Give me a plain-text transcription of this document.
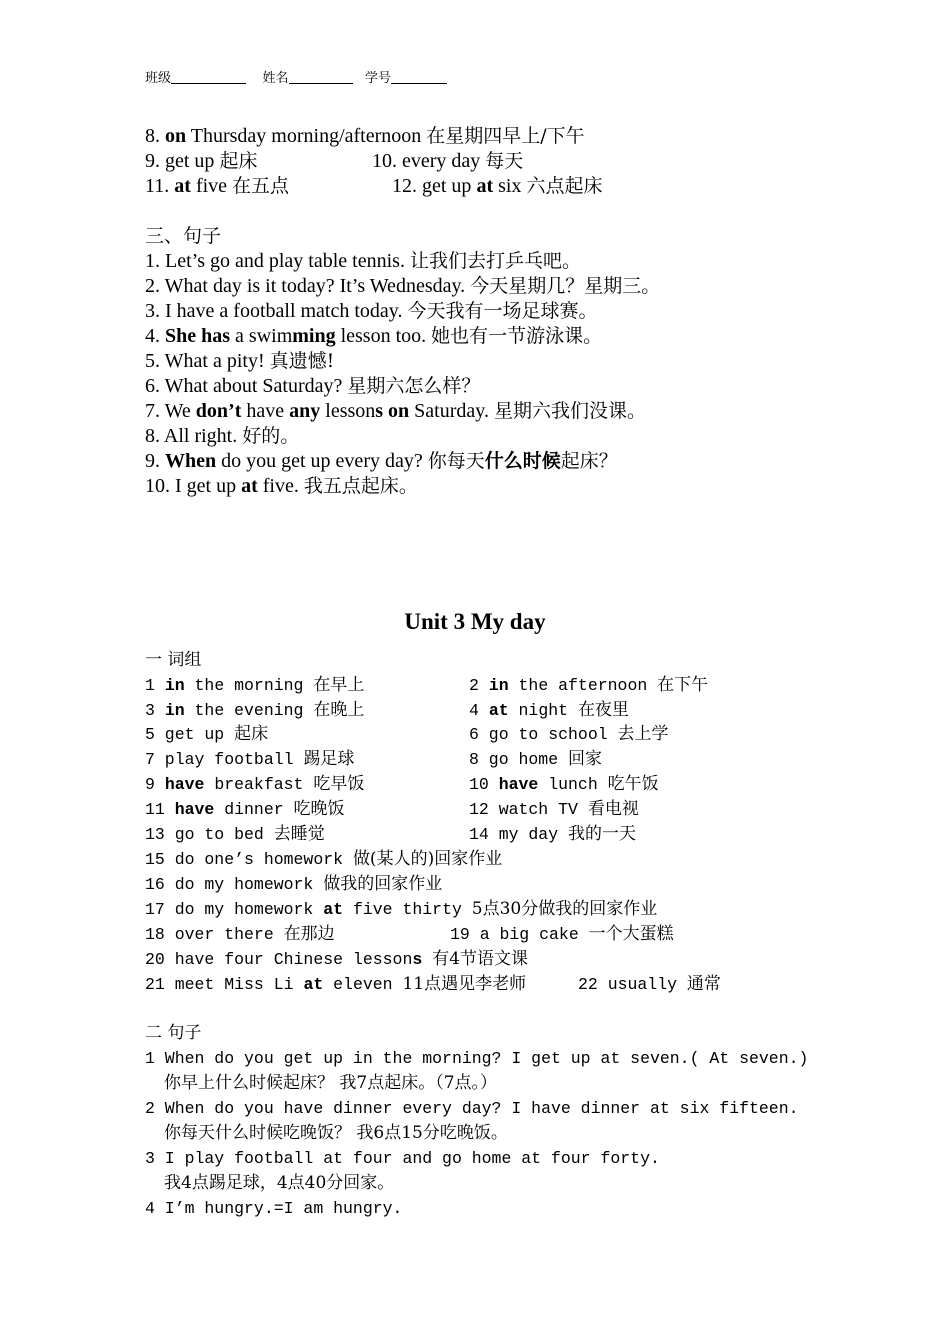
班级	姓名	学号
8. on Thursday morning/afternoon 在星期四早上/下午
9. get up 起床	10. every day 每天
11. at five 在五点	12. get up at six 六点起床
三、句子
1. Let’s go and play table tennis. 让我们去打乒乓吧。
2. What day is it today? It’s Wednesday. 今天星期几？星期三。
3. I have a football match today. 今天我有一场足球赛。
4. She has a swimming lesson too. 她也有一节游泳课。
5. What a pity! 真遗憾!
6. What about Saturday? 星期六怎么样？
7. We don’t have any lessons on Saturday. 星期六我们没课。
8. All right. 好的。
9. When do you get up every day? 你每天什么时候起床？
10. I get up at five. 我五点起床。
Unit 3 My day
一 词组
1 in the morning 在早上	2 in the afternoon 在下午
3 in the evening 在晚上	4 at night 在夜里
5 get up 起床	6 go to school 去上学
7 play football 踢足球	8 go home 回家
9 have breakfast 吃早饭	10 have lunch 吃午饭
11 have dinner 吃晚饭	12 watch TV 看电视
13 go to bed 去睡觉	14 my day 我的一天
15 do one’s homework 做(某人的)回家作业
16 do my homework 做我的回家作业
17 do my homework at five thirty 5点30分做我的回家作业
18 over there 在那边	19 a big cake 一个大蛋糕
20 have four Chinese lessons 有4节语文课
21 meet Miss Li at eleven 11点遇见李老师	22 usually 通常
二 句子
1 When do you get up in the morning? I get up at seven.( At seven.)
你早上什么时候起床？ 我7点起床。（7点。）
2 When do you have dinner every day? I have dinner at six fifteen.
你每天什么时候吃晚饭？ 我6点15分吃晚饭。
3 I play football at four and go home at four forty.
我4点踢足球，4点40分回家。
4 I’m hungry.=I am hungry.
